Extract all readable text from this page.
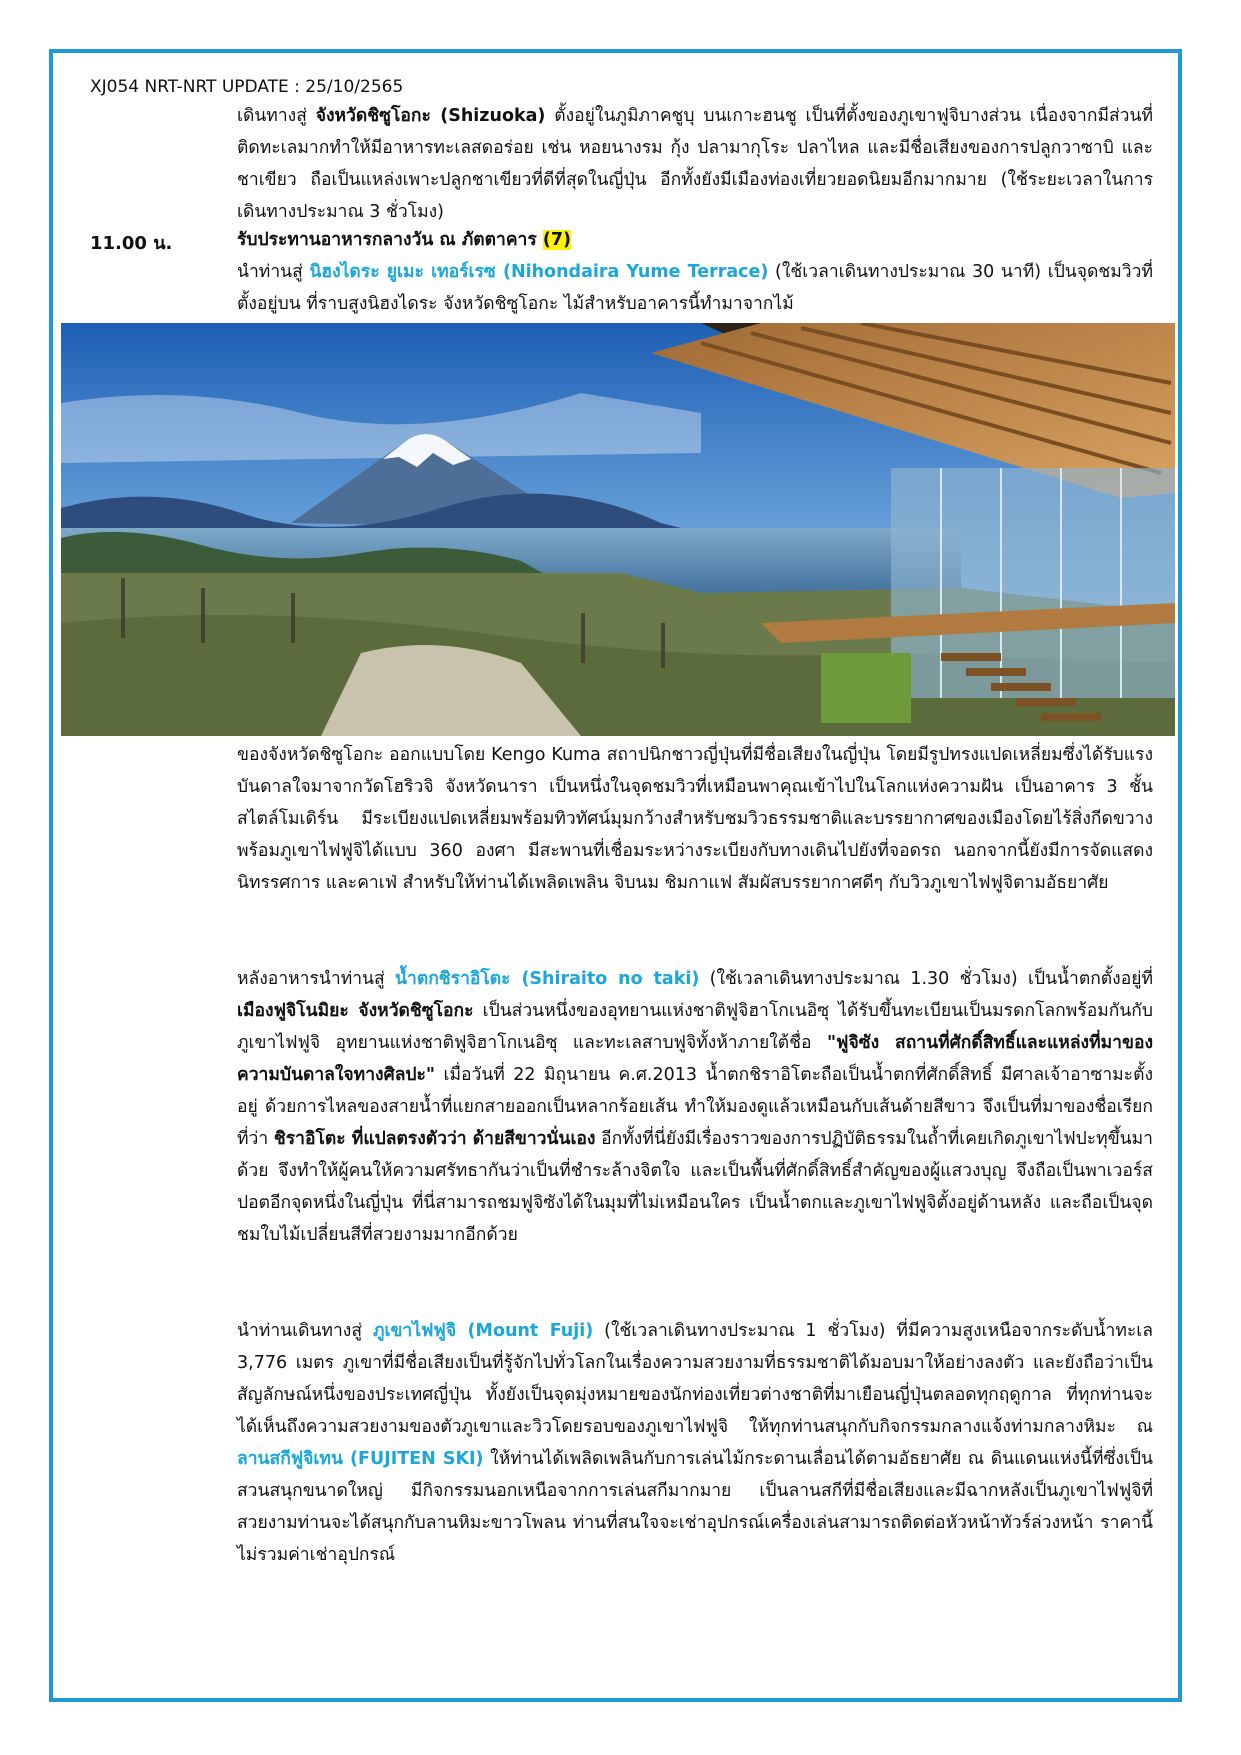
XJ054 NRT-NRT UPDATE : 25/10/2565

เดินทางสู่ จังหวัดชิซูโอกะ (Shizuoka) ตั้งอยู่ในภูมิภาคชูบุ บนเกาะฮนชู เป็นที่ตั้งของภูเขาฟูจิบางส่วน เนื่องจากมีส่วนที่ติดทะเลมากทำให้มีอาหารทะเลสดอร่อย เช่น หอยนางรม กุ้ง ปลามากุโระ ปลาไหล และมีชื่อเสียงของการปลูกวาซาบิ และชาเขียว ถือเป็นแหล่งเพาะปลูกชาเขียวที่ดีที่สุดในญี่ปุ่น อีกทั้งยังมีเมืองท่องเที่ยวยอดนิยมอีกมากมาย (ใช้ระยะเวลาในการเดินทางประมาณ 3 ชั่วโมง)

11.00 น.	รับประทานอาหารกลางวัน ณ ภัตตาคาร (7)

นำท่านสู่ นิฮงไดระ ยูเมะ เทอร์เรซ (Nihondaira Yume Terrace) (ใช้เวลาเดินทางประมาณ 30 นาที) เป็นจุดชมวิวที่ตั้งอยู่บน ที่ราบสูงนิฮงไดระ จังหวัดชิซูโอกะ ไม้สำหรับอาคารนี้ทำมาจากไม้

ของจังหวัดชิซูโอกะ ออกแบบโดย Kengo Kuma สถาปนิกชาวญี่ปุ่นที่มีชื่อเสียงในญี่ปุ่น โดยมีรูปทรงแปดเหลี่ยมซึ่งได้รับแรงบันดาลใจมาจากวัดโฮริวจิ จังหวัดนารา เป็นหนึ่งในจุดชมวิวที่เหมือนพาคุณเข้าไปในโลกแห่งความฝัน เป็นอาคาร 3 ชั้น สไตล์โมเดิร์น มีระเบียงแปดเหลี่ยมพร้อมทิวทัศน์มุมกว้างสำหรับชมวิวธรรมชาติและบรรยากาศของเมืองโดยไร้สิ่งกีดขวางพร้อมภูเขาไฟฟูจิได้แบบ 360 องศา มีสะพานที่เชื่อมระหว่างระเบียงกับทางเดินไปยังที่จอดรถ นอกจากนี้ยังมีการจัดแสดงนิทรรศการ และคาเฟ่ สำหรับให้ท่านได้เพลิดเพลิน จิบนม ชิมกาแฟ สัมผัสบรรยากาศดีๆ กับวิวภูเขาไฟฟูจิตามอัธยาศัย

หลังอาหารนำท่านสู่ น้ำตกชิราอิโตะ (Shiraito no taki) (ใช้เวลาเดินทางประมาณ 1.30 ชั่วโมง) เป็นน้ำตกตั้งอยู่ที่ เมืองฟูจิโนมิยะ จังหวัดชิซูโอกะ เป็นส่วนหนึ่งของอุทยานแห่งชาติฟูจิฮาโกเนอิซุ ได้รับขึ้นทะเบียนเป็นมรดกโลกพร้อมกันกับภูเขาไฟฟูจิ อุทยานแห่งชาติฟูจิฮาโกเนอิซุ และทะเลสาบฟูจิทั้งห้าภายใต้ชื่อ "ฟูจิซัง สถานที่ศักดิ์สิทธิ์และแหล่งที่มาของความบันดาลใจทางศิลปะ" เมื่อวันที่ 22 มิถุนายน ค.ศ.2013 น้ำตกชิราอิโตะถือเป็นน้ำตกที่ศักดิ์สิทธิ์ มีศาลเจ้าอาซามะตั้งอยู่ ด้วยการไหลของสายน้ำที่แยกสายออกเป็นหลากร้อยเส้น ทำให้มองดูแล้วเหมือนกับเส้นด้ายสีขาว จึงเป็นที่มาของชื่อเรียกที่ว่า ชิราอิโตะ ที่แปลตรงตัวว่า ด้ายสีขาวนั่นเอง อีกทั้งที่นี่ยังมีเรื่องราวของการปฏิบัติธรรมในถ้ำที่เคยเกิดภูเขาไฟปะทุขึ้นมาด้วย จึงทำให้ผู้คนให้ความศรัทธากันว่าเป็นที่ชำระล้างจิตใจ และเป็นพื้นที่ศักดิ์สิทธิ์สำคัญของผู้แสวงบุญ จึงถือเป็นพาเวอร์สปอตอีกจุดหนึ่งในญี่ปุ่น ที่นี่สามารถชมฟูจิซังได้ในมุมที่ไม่เหมือนใคร เป็นน้ำตกและภูเขาไฟฟูจิตั้งอยู่ด้านหลัง และถือเป็นจุดชมใบไม้เปลี่ยนสีที่สวยงามมากอีกด้วย

นำท่านเดินทางสู่ ภูเขาไฟฟูจิ (Mount Fuji) (ใช้เวลาเดินทางประมาณ 1 ชั่วโมง) ที่มีความสูงเหนือจากระดับน้ำทะเล 3,776 เมตร ภูเขาที่มีชื่อเสียงเป็นที่รู้จักไปทั่วโลกในเรื่องความสวยงามที่ธรรมชาติได้มอบมาให้อย่างลงตัว และยังถือว่าเป็นสัญลักษณ์หนึ่งของประเทศญี่ปุ่น ทั้งยังเป็นจุดมุ่งหมายของนักท่องเที่ยวต่างชาติที่มาเยือนญี่ปุ่นตลอดทุกฤดูกาล ที่ทุกท่านจะได้เห็นถึงความสวยงามของตัวภูเขาและวิวโดยรอบของภูเขาไฟฟูจิ ให้ทุกท่านสนุกกับกิจกรรมกลางแจ้งท่ามกลางหิมะ ณ ลานสกีฟูจิเทน (FUJITEN SKI) ให้ท่านได้เพลิดเพลินกับการเล่นไม้กระดานเลื่อนได้ตามอัธยาศัย ณ ดินแดนแห่งนี้ที่ซึ่งเป็นสวนสนุกขนาดใหญ่ มีกิจกรรมนอกเหนือจากการเล่นสกีมากมาย เป็นลานสกีที่มีชื่อเสียงและมีฉากหลังเป็นภูเขาไฟฟูจิที่สวยงามท่านจะได้สนุกกับลานหิมะขาวโพลน ท่านที่สนใจจะเช่าอุปกรณ์เครื่องเล่นสามารถติดต่อหัวหน้าทัวร์ล่วงหน้า ราคานี้ไม่รวมค่าเช่าอุปกรณ์
